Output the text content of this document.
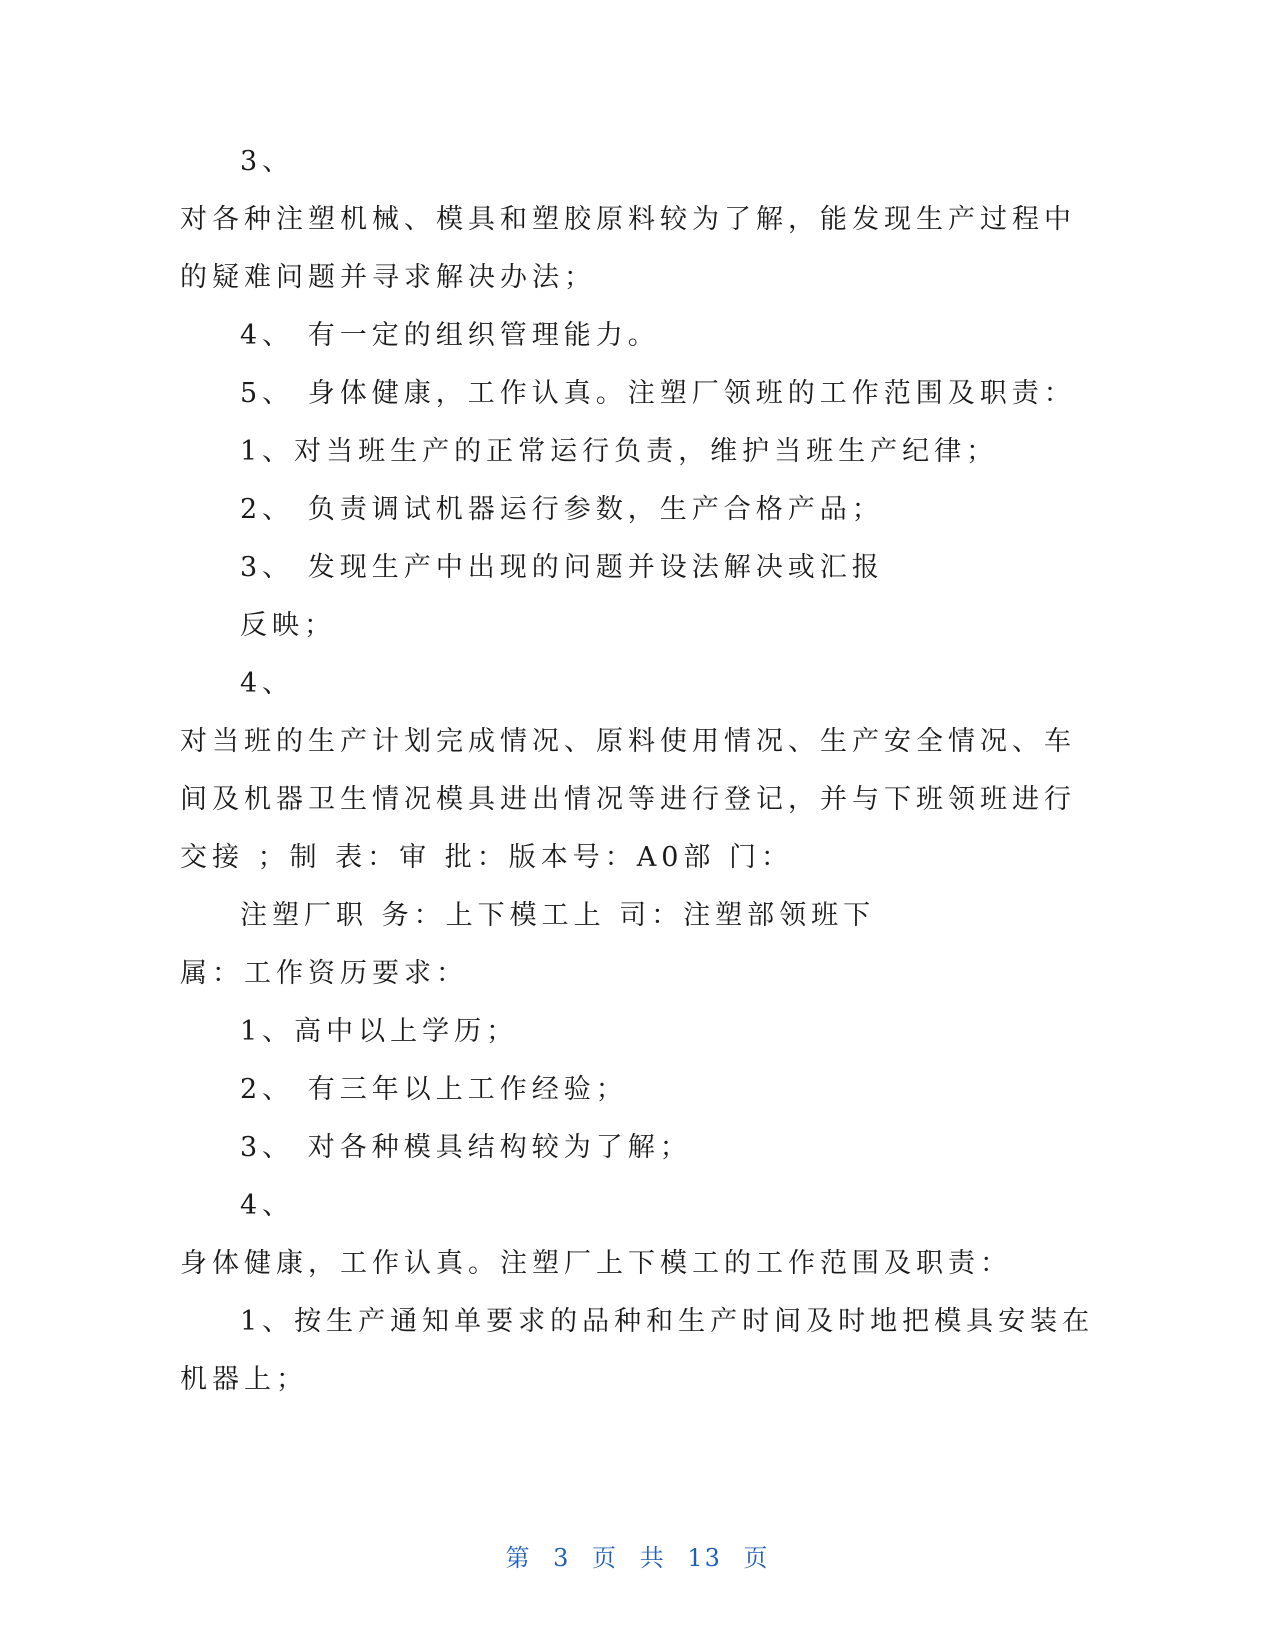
3、
对各种注塑机械、模具和塑胶原料较为了解，能发现生产过程中
的疑难问题并寻求解决办法；
4、 有一定的组织管理能力。
5、 身体健康，工作认真。注塑厂领班的工作范围及职责：
1、对当班生产的正常运行负责，维护当班生产纪律；
2、 负责调试机器运行参数，生产合格产品；
3、 发现生产中出现的问题并设法解决或汇报
反映；
4、
对当班的生产计划完成情况、原料使用情况、生产安全情况、车
间及机器卫生情况模具进出情况等进行登记，并与下班领班进行
交接 ；制 表：审 批：版本号：A0部 门：
注塑厂职 务：上下模工上 司：注塑部领班下
属：工作资历要求：
1、高中以上学历；
2、 有三年以上工作经验；
3、 对各种模具结构较为了解；
4、
身体健康，工作认真。注塑厂上下模工的工作范围及职责：
1、按生产通知单要求的品种和生产时间及时地把模具安装在
机器上；
第 3 页 共 13 页
